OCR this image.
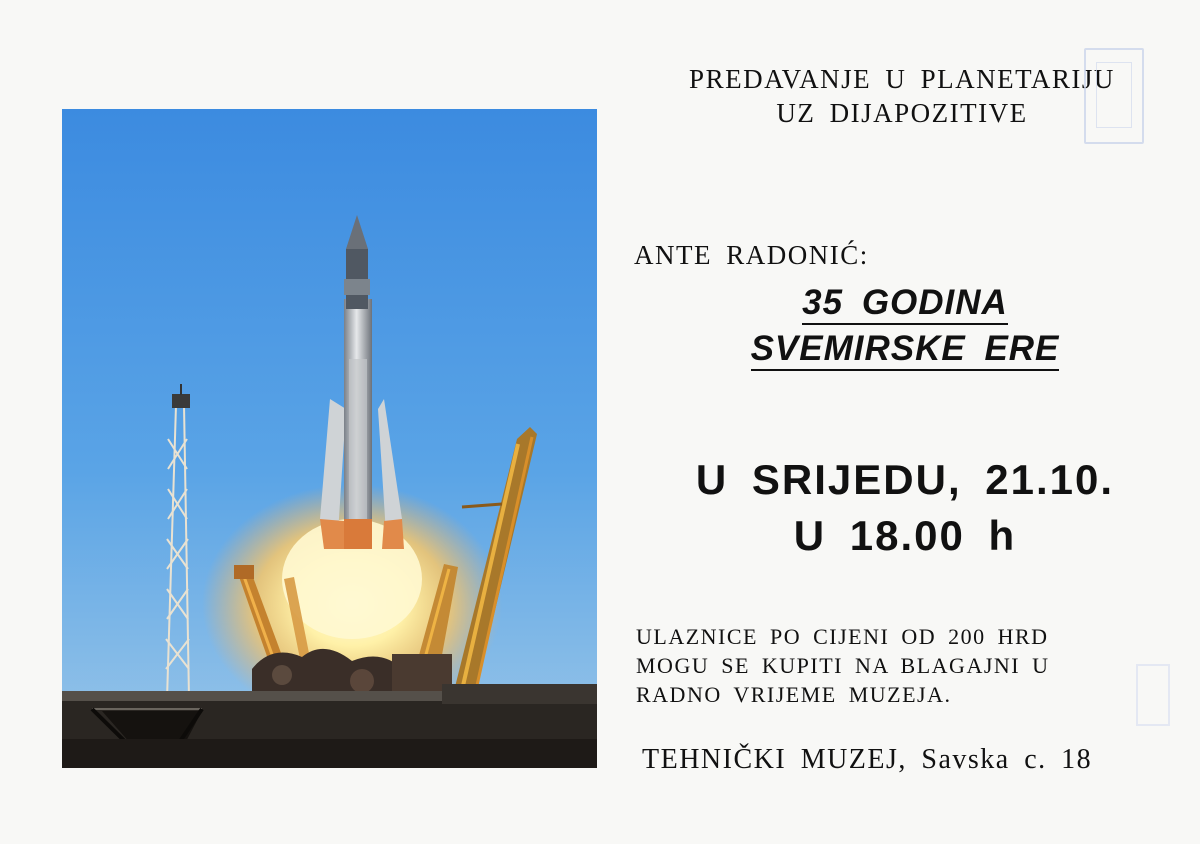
PREDAVANJE U PLANETARIJU
UZ DIJAPOZITIVE
ANTE RADONIĆ:
35 GODINA
SVEMIRSKE ERE
U SRIJEDU, 21.10.
U 18.00 h
ULAZNICE PO CIJENI OD 200 HRD
MOGU SE KUPITI NA BLAGAJNI U
RADNO VRIJEME MUZEJA.
TEHNIČKI MUZEJ, Savska c. 18
